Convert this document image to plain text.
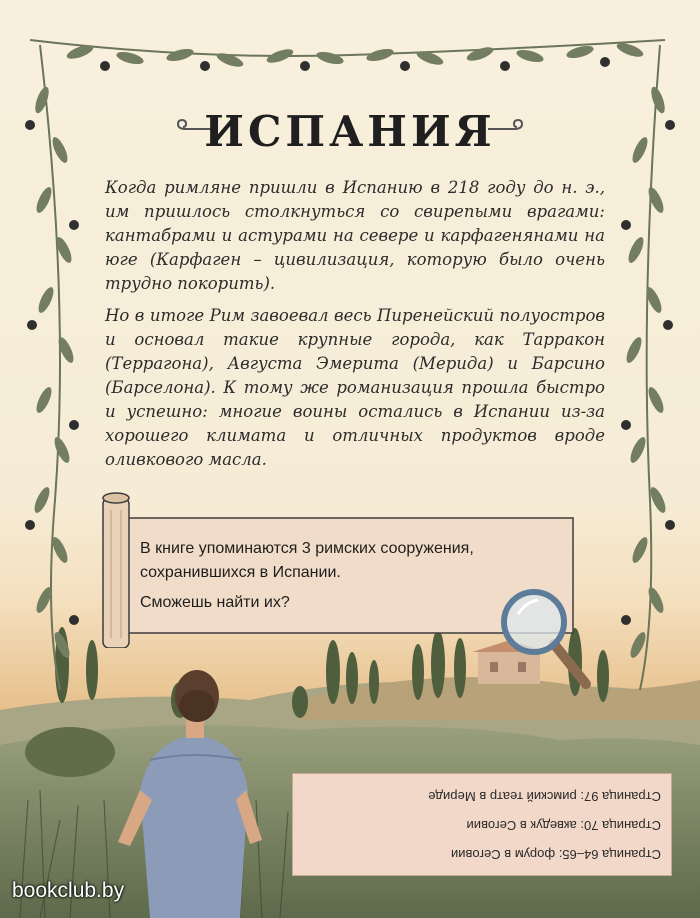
ИСПАНИЯ

Когда римляне пришли в Испанию в 218 году до н. э., им пришлось столкнуться со свирепыми врагами: кантабрами и астурами на севере и карфагенянами на юге (Карфаген – цивилизация, которую было очень трудно покорить).

Но в итоге Рим завоевал весь Пиренейский полуостров и основал такие крупные города, как Тарракон (Террагона), Августа Эмерита (Мерида) и Барсино (Барселона). К тому же романизация прошла быстро и успешно: многие воины остались в Испании из-за хорошего климата и отличных продуктов вроде оливкового масла.

В книге упоминаются 3 римских сооружения, сохранившихся в Испании.

Сможешь найти их?

Страница 64–65: форум в Сеговии

Страница 70: акведук в Сеговии

Страница 97: римский театр в Мериде

bookclub.by
